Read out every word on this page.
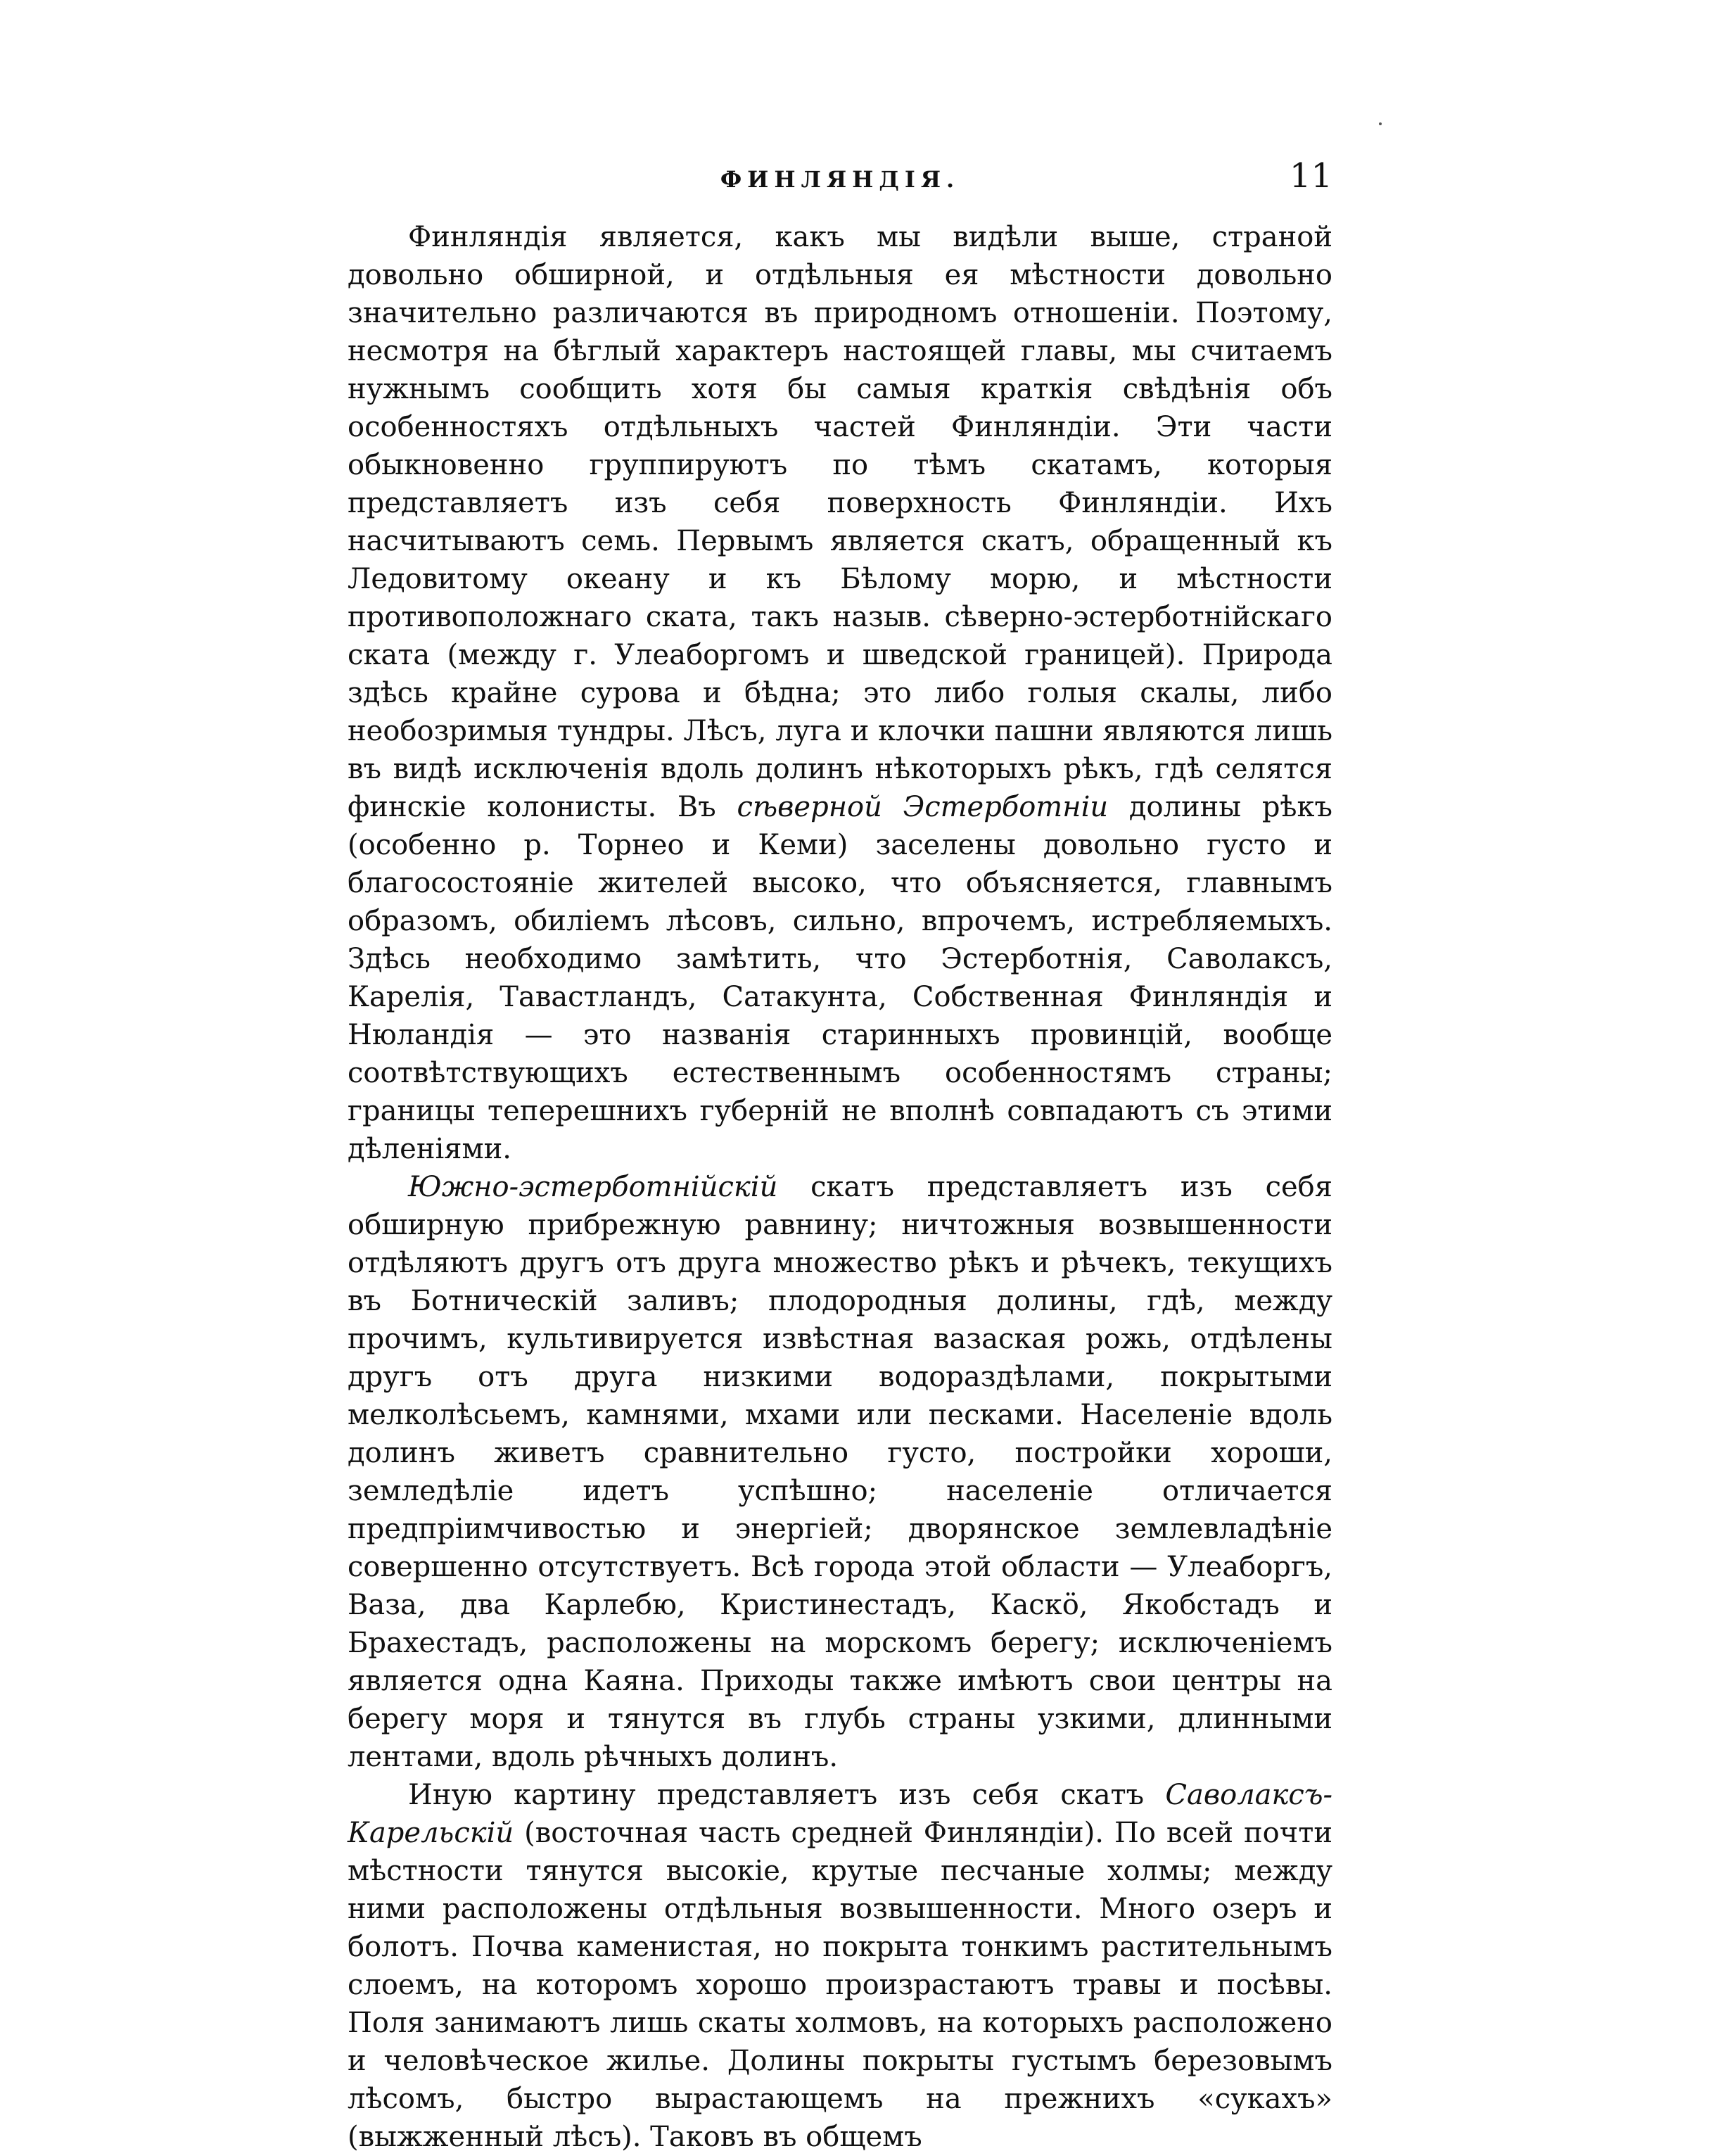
ФИНЛЯНДІЯ.	11

Финляндія является, какъ мы видѣли выше, страной довольно обширной, и отдѣльныя ея мѣстности довольно значительно различаются въ природномъ отношеніи. Поэтому, несмотря на бѣглый характеръ настоящей главы, мы считаемъ нужнымъ сообщить хотя бы самыя краткія свѣдѣнія объ особенностяхъ отдѣльныхъ частей Финляндіи. Эти части обыкновенно группируютъ по тѣмъ скатамъ, которыя представляетъ изъ себя поверхность Финляндіи. Ихъ насчитываютъ семь. Первымъ является скатъ, обращенный къ Ледовитому океану и къ Бѣлому морю, и мѣстности противоположнаго ската, такъ назыв. сѣверно-эстерботнійскаго ската (между г. Улеаборгомъ и шведской границей). Природа здѣсь крайне сурова и бѣдна; это либо голыя скалы, либо необозримыя тундры. Лѣсъ, луга и клочки пашни являются лишь въ видѣ исключенія вдоль долинъ нѣкоторыхъ рѣкъ, гдѣ селятся финскіе колонисты. Въ сѣверной Эстерботніи долины рѣкъ (особенно р. Торнео и Кеми) заселены довольно густо и благосостояніе жителей высоко, что объясняется, главнымъ образомъ, обиліемъ лѣсовъ, сильно, впрочемъ, истребляемыхъ. Здѣсь необходимо замѣтить, что Эстерботнія, Саволаксъ, Карелія, Тавастландъ, Сатакунта, Собственная Финляндія и Нюландія — это названія старинныхъ провинцій, вообще соотвѣтствующихъ естественнымъ особенностямъ страны; границы теперешнихъ губерній не вполнѣ совпадаютъ съ этими дѣленіями.

Южно-эстерботнійскій скатъ представляетъ изъ себя обширную прибрежную равнину; ничтожныя возвышенности отдѣляютъ другъ отъ друга множество рѣкъ и рѣчекъ, текущихъ въ Ботническій заливъ; плодородныя долины, гдѣ, между прочимъ, культивируется извѣстная вазаская рожь, отдѣлены другъ отъ друга низкими водораздѣлами, покрытыми мелколѣсьемъ, камнями, мхами или песками. Населеніе вдоль долинъ живетъ сравнительно густо, постройки хороши, земледѣліе идетъ успѣшно; населеніе отличается предпріимчивостью и энергіей; дворянское землевладѣніе совершенно отсутствуетъ. Всѣ города этой области — Улеаборгъ, Ваза, два Карлебю, Кристинестадъ, Каскö, Якобстадъ и Брахестадъ, расположены на морскомъ берегу; исключеніемъ является одна Каяна. Приходы также имѣютъ свои центры на берегу моря и тянутся въ глубь страны узкими, длинными лентами, вдоль рѣчныхъ долинъ.

Иную картину представляетъ изъ себя скатъ Саволаксъ-Карельскій (восточная часть средней Финляндіи). По всей почти мѣстности тянутся высокіе, крутые песчаные холмы; между ними расположены отдѣльныя возвышенности. Много озеръ и болотъ. Почва каменистая, но покрыта тонкимъ растительнымъ слоемъ, на которомъ хорошо произрастаютъ травы и посѣвы. Поля занимаютъ лишь скаты холмовъ, на которыхъ расположено и человѣческое жилье. Долины покрыты густымъ березовымъ лѣсомъ, быстро вырастающемъ на прежнихъ «сукахъ» (выжженный лѣсъ). Таковъ въ общемъ
